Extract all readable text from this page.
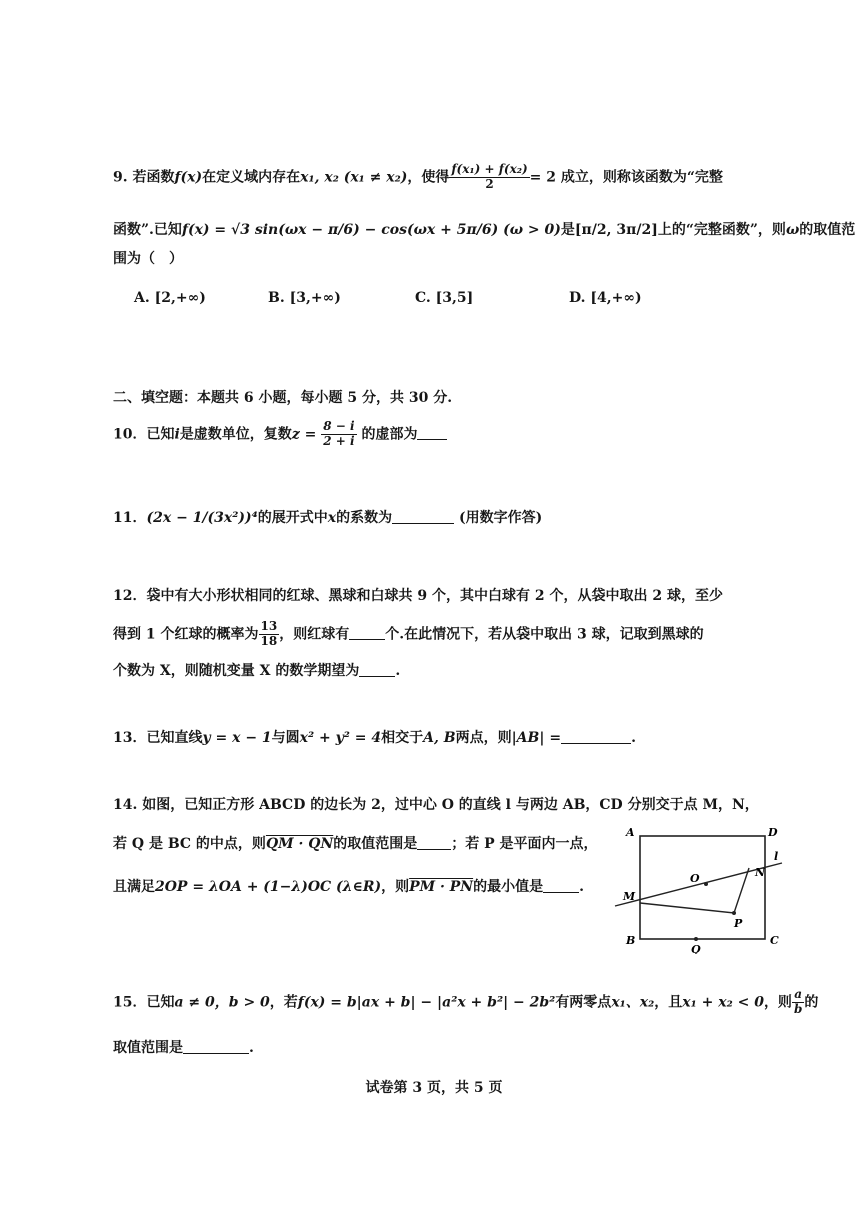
9. 若函数f(x)在定义域内存在x₁, x₂ (x₁ ≠ x₂)，使得 $\frac{\text{f(x₁) + f(x₂)}}{2} = 2$ 成立，则称该函数为“完整
函数”.已知f(x) = √3 sin(ωx − π/6) − cos(ωx + 5π/6) (ω > 0)是[π/2, 3π/2]上的“完整函数”，则ω的取值范
围为（　）
A. [2,+∞)	B. [3,+∞)	C. [3,5]	D. [4,+∞)
二、填空题：本题共 6 小题，每小题 5 分，共 30 分.
10．已知i是虚数单位，复数$z = \frac{8 - i}{2 + i}$ 的虚部为
11．(2x − 1/(3x²))⁴的展开式中x的系数为	(用数字作答)
12．袋中有大小形状相同的红球、黑球和白球共 9 个，其中白球有 2 个，从袋中取出 2 球，至少
得到 1 个红球的概率为 $\frac{13}{18}$ ，则红球有	个.在此情况下，若从袋中取出 3 球，记取到黑球的
个数为 X，则随机变量 X 的数学期望为	.
13．已知直线y = x − 1与圆x² + y² = 4相交于A, B两点，则|AB| =	.
14. 如图，已知正方形 ABCD 的边长为 2，过中心 O 的直线 l 与两边 AB，CD 分别交于点 M，N，
若 Q 是 BC 的中点，则QM · QN的取值范围是 ；若 P 是平面内一点，
且满足2OP = λOA + (1−λ)OC (λ∈R)，则PM · PN的最小值是	.
A
B	C
D
M
N
O
P
Q
l
15．已知a ≠ 0，b > 0，若f(x) = b|ax + b| − |a²x + b²| − 2b²有两零点x₁、x₂，且x₁ + x₂ < 0，则 $\frac{a}{b}$ 的
取值范围是	.
试卷第 3 页，共 5 页
